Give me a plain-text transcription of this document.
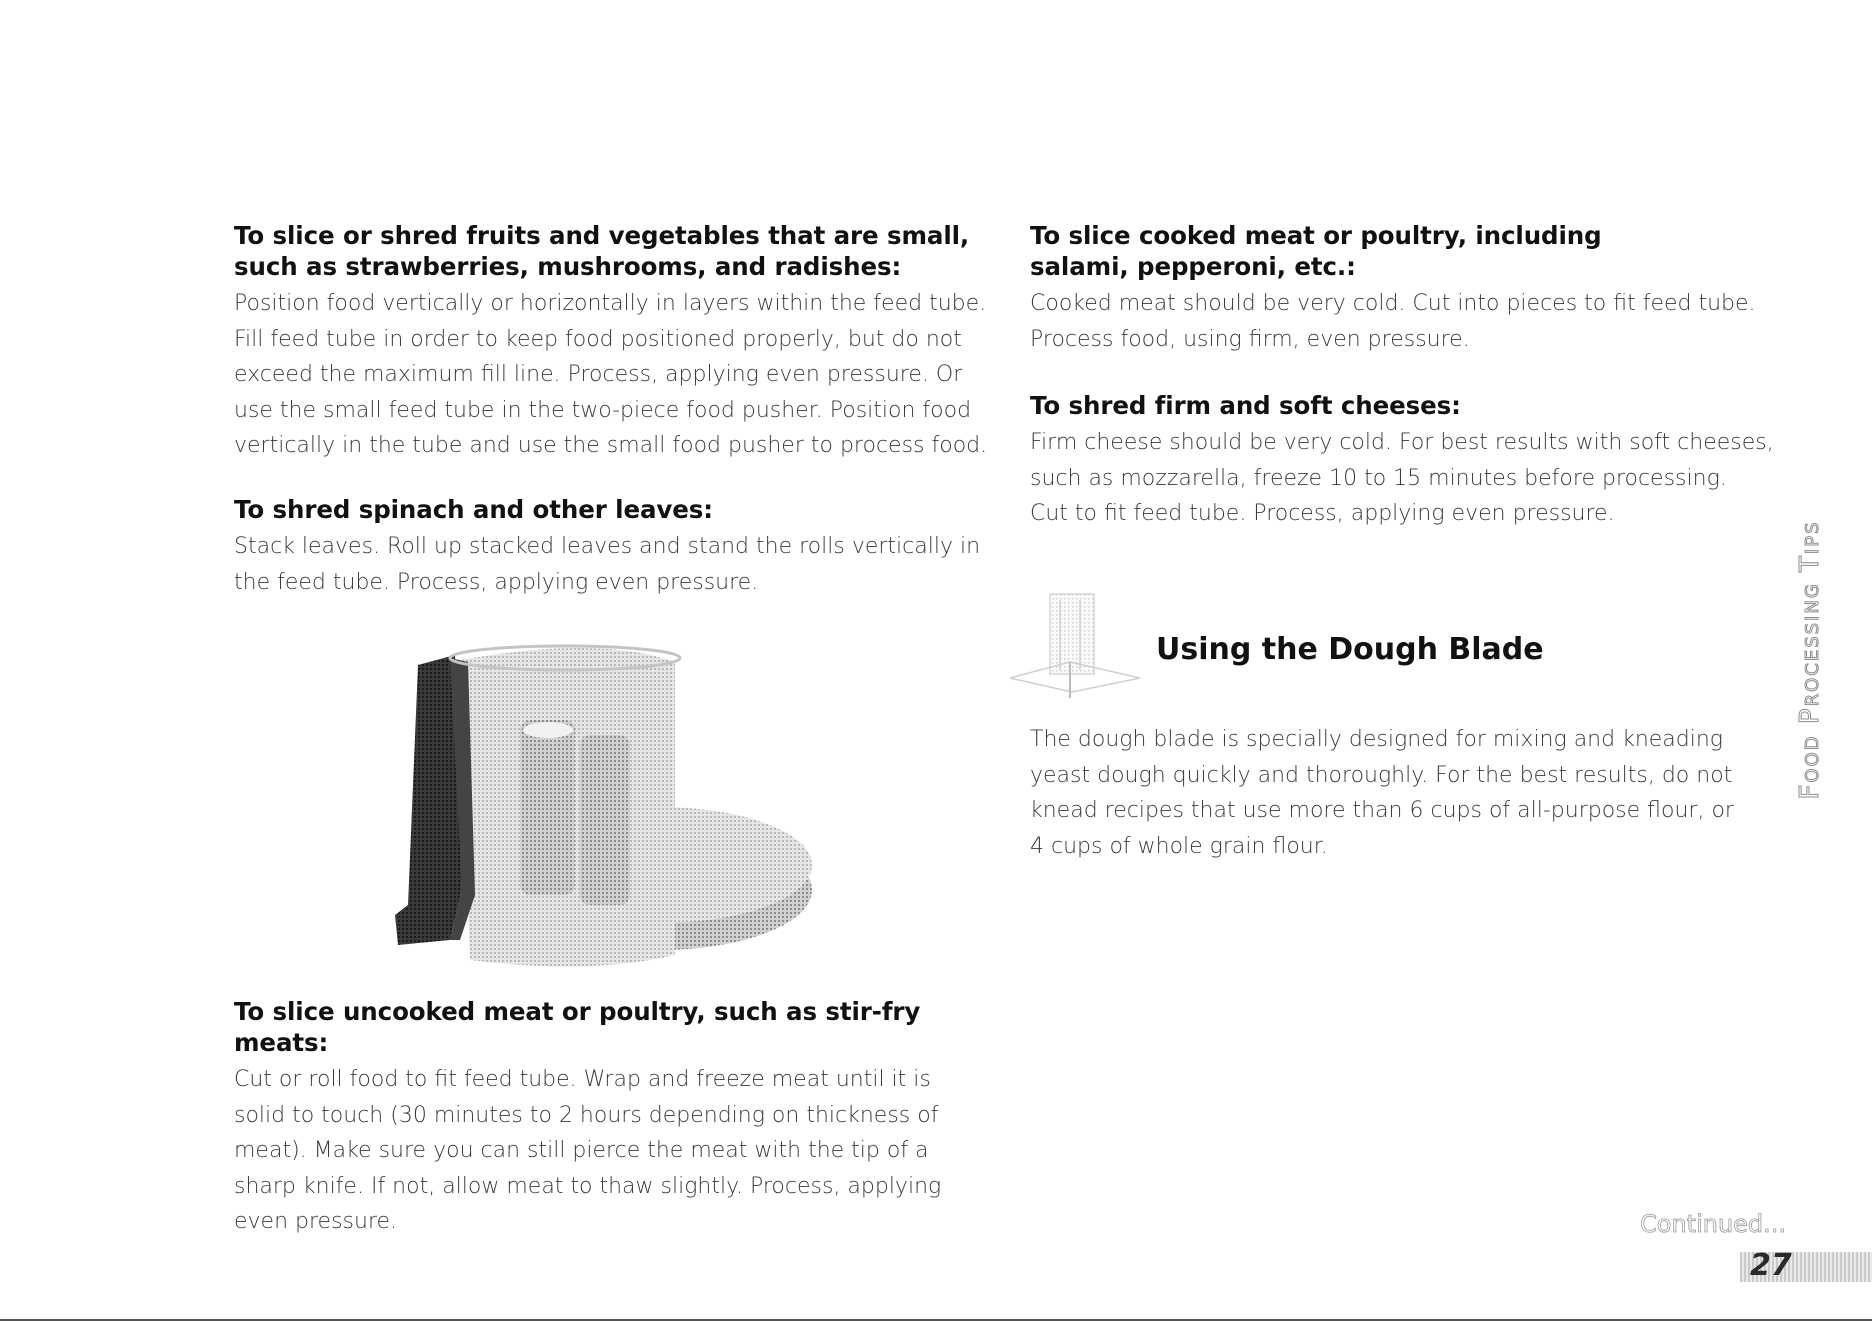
To slice or shred fruits and vegetables that are small,
such as strawberries, mushrooms, and radishes:
Position food vertically or horizontally in layers within the feed tube.
Fill feed tube in order to keep food positioned properly, but do not
exceed the maximum fill line. Process, applying even pressure. Or
use the small feed tube in the two-piece food pusher. Position food
vertically in the tube and use the small food pusher to process food.
To shred spinach and other leaves:
Stack leaves. Roll up stacked leaves and stand the rolls vertically in
the feed tube. Process, applying even pressure.
To slice uncooked meat or poultry, such as stir-fry meats:
Cut or roll food to fit feed tube. Wrap and freeze meat until it is
solid to touch (30 minutes to 2 hours depending on thickness of
meat). Make sure you can still pierce the meat with the tip of a
sharp knife. If not, allow meat to thaw slightly. Process, applying
even pressure.
To slice cooked meat or poultry, including
salami, pepperoni, etc.:
Cooked meat should be very cold. Cut into pieces to fit feed tube.
Process food, using firm, even pressure.
To shred firm and soft cheeses:
Firm cheese should be very cold. For best results with soft cheeses,
such as mozzarella, freeze 10 to 15 minutes before processing.
Cut to fit feed tube. Process, applying even pressure.
The dough blade is specially designed for mixing and kneading
yeast dough quickly and thoroughly. For the best results, do not
knead recipes that use more than 6 cups of all-purpose flour, or
4 cups of whole grain flour.
Using the Dough Blade	Food Processing Tips
Continued...
27
